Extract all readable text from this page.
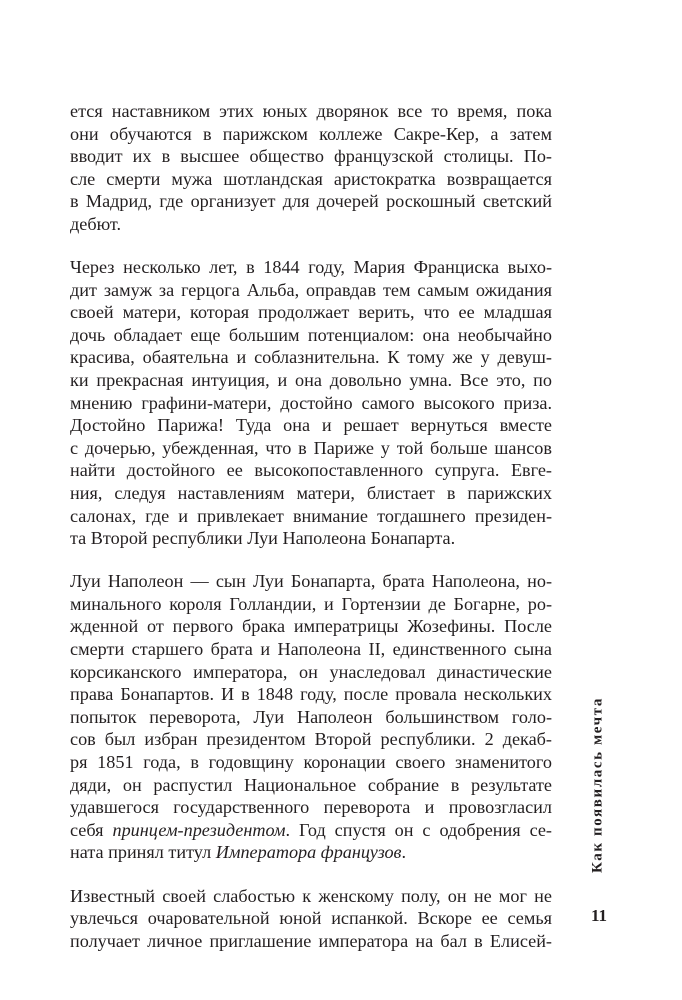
ется наставником этих юных дворянок все то время, пока
они обучаются в парижском коллеже Сакре-Кер, а затем
вводит их в высшее общество французской столицы. По-
сле смерти мужа шотландская аристократка возвращается
в Мадрид, где организует для дочерей роскошный светский
дебют.
Через несколько лет, в 1844 году, Мария Франциска выхо-
дит замуж за герцога Альба, оправдав тем самым ожидания
своей матери, которая продолжает верить, что ее младшая
дочь обладает еще большим потенциалом: она необычайно
красива, обаятельна и соблазнительна. К тому же у девуш-
ки прекрасная интуиция, и она довольно умна. Все это, по
мнению графини-матери, достойно самого высокого приза.
Достойно Парижа! Туда она и решает вернуться вместе
с дочерью, убежденная, что в Париже у той больше шансов
найти достойного ее высокопоставленного супруга. Евге-
ния, следуя наставлениям матери, блистает в парижских
салонах, где и привлекает внимание тогдашнего президен-
та Второй республики Луи Наполеона Бонапарта.
Луи Наполеон — сын Луи Бонапарта, брата Наполеона, но-
минального короля Голландии, и Гортензии де Богарне, ро-
жденной от первого брака императрицы Жозефины. После
смерти старшего брата и Наполеона II, единственного сына
корсиканского императора, он унаследовал династические
права Бонапартов. И в 1848 году, после провала нескольких
попыток переворота, Луи Наполеон большинством голо-
сов был избран президентом Второй республики. 2 декаб-
ря 1851 года, в годовщину коронации своего знаменитого
дяди, он распустил Национальное собрание в результате
удавшегося государственного переворота и провозгласил
себя принцем-президентом. Год спустя он с одобрения се-
ната принял титул Императора французов.
Известный своей слабостью к женскому полу, он не мог не
увлечься очаровательной юной испанкой. Вскоре ее семья
получает личное приглашение императора на бал в Елисей-
Как появилась мечта
11
